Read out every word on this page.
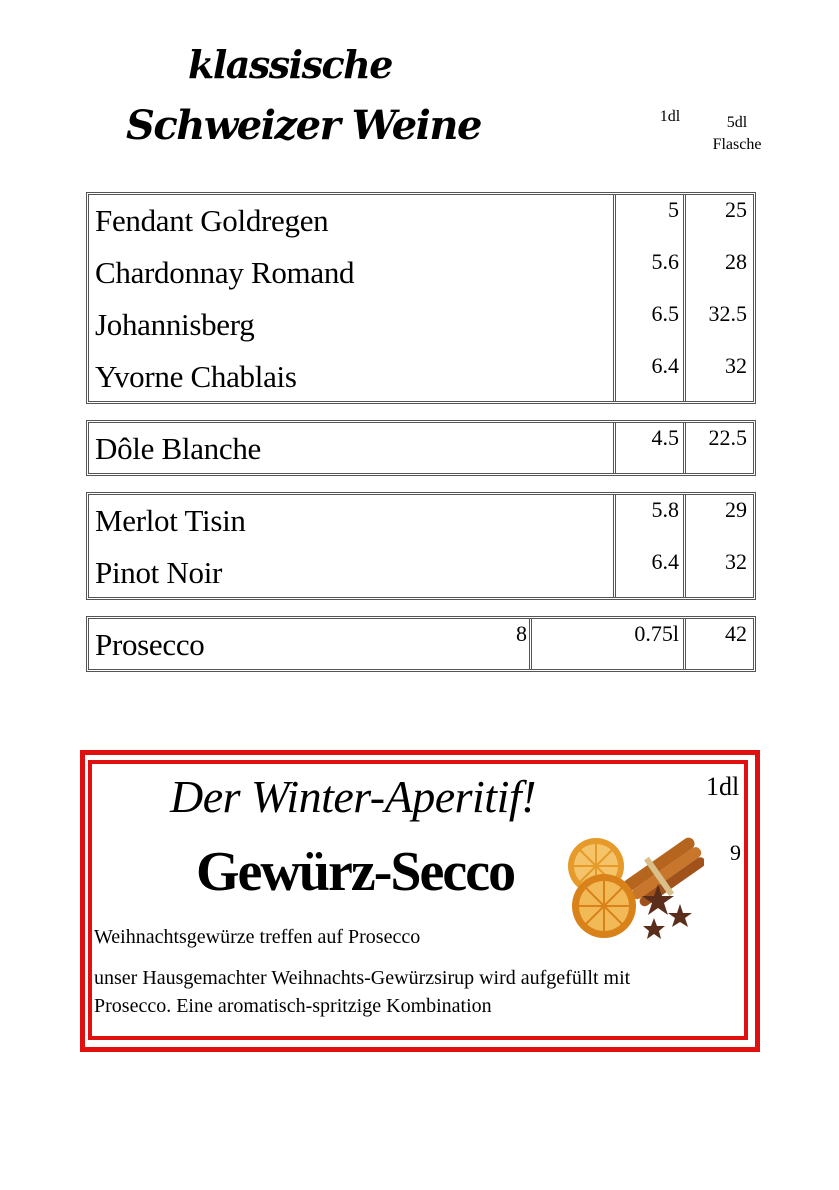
klassische
Schweizer Weine	1dl	5dl
Flasche
Fendant Goldregen	5	25
Chardonnay Romand	5.6	28
Johannisberg	6.5	32.5
Yvorne Chablais	6.4	32
Dôle Blanche	4.5	22.5
Merlot Tisin	5.8	29
Pinot Noir	6.4	32
Prosecco	8	0.75l	42
Der Winter-Aperitif!
Gewürz-Secco
1dl
9
Weihnachtsgewürze treffen auf Prosecco
unser Hausgemachter Weihnachts-Gewürzsirup wird aufgefüllt mit Prosecco. Eine aromatisch-spritzige Kombination
